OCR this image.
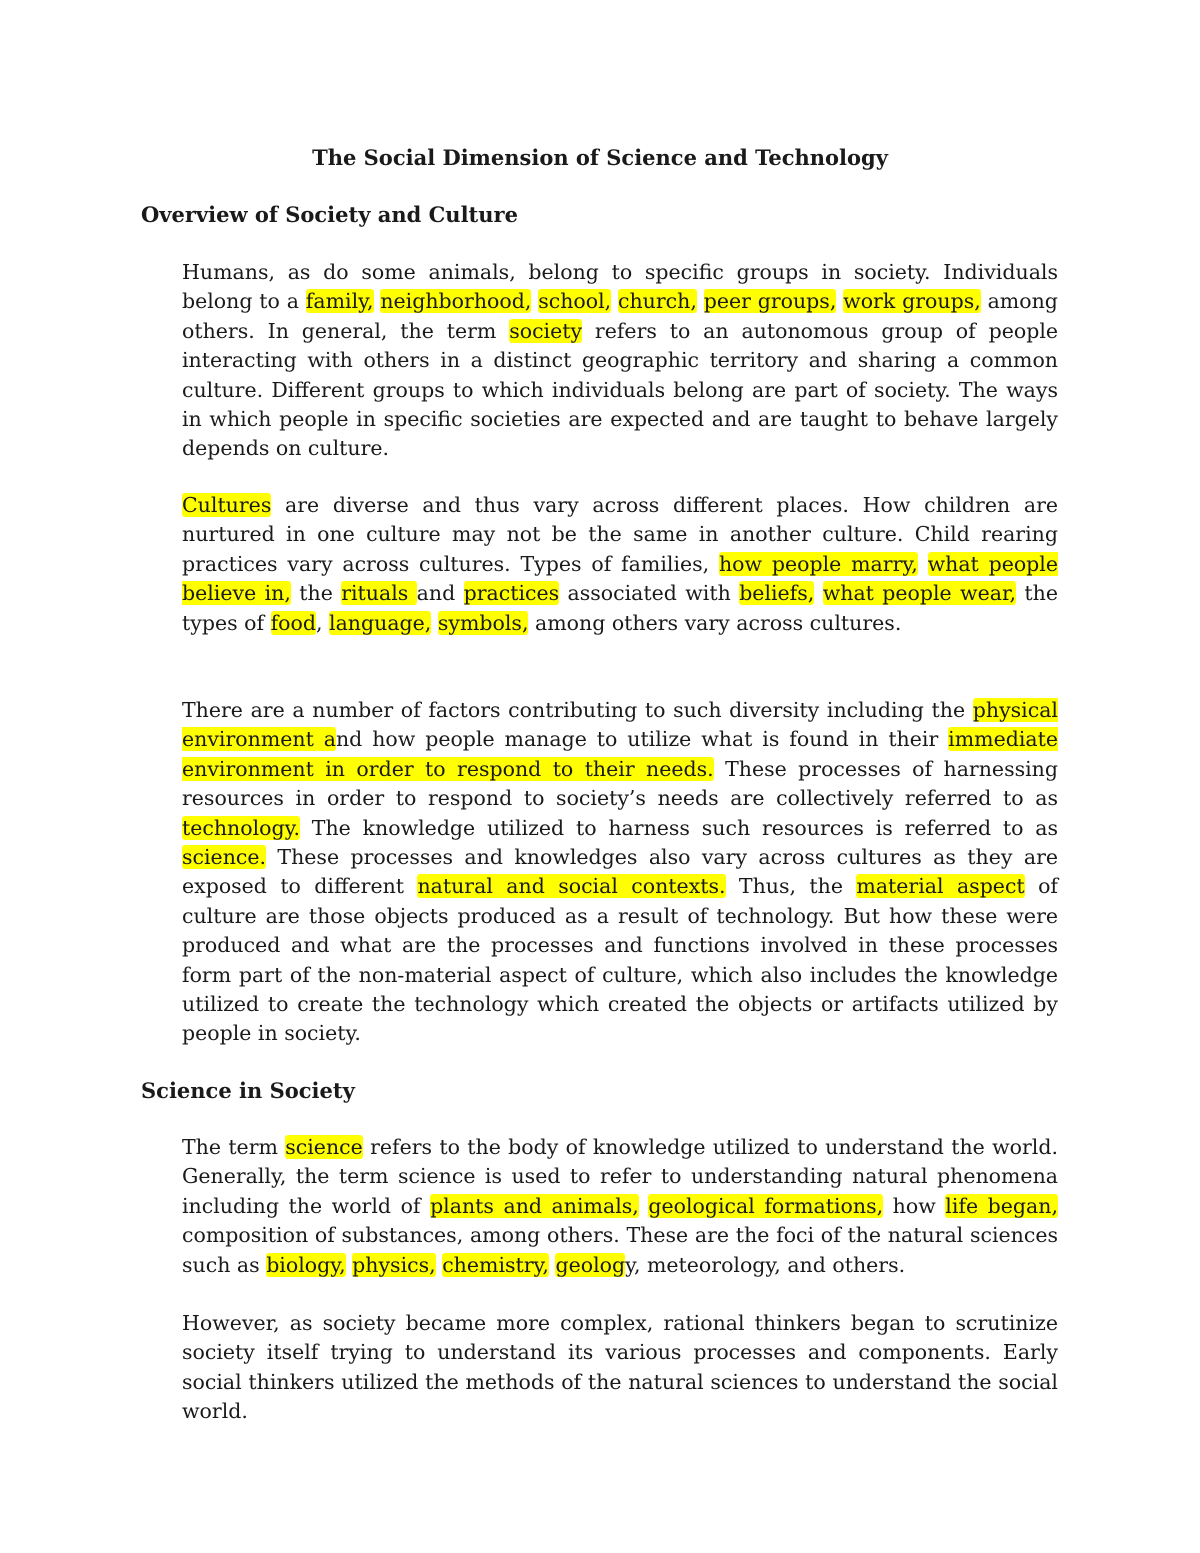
The Social Dimension of Science and Technology
Overview of Society and Culture
Humans, as do some animals, belong to specific groups in society. Individuals belong to a family, neighborhood, school, church, peer groups, work groups, among others. In general, the term society refers to an autonomous group of people interacting with others in a distinct geographic territory and sharing a common culture. Different groups to which individuals belong are part of society. The ways in which people in specific societies are expected and are taught to behave largely depends on culture.
Cultures are diverse and thus vary across different places. How children are nurtured in one culture may not be the same in another culture. Child rearing practices vary across cultures. Types of families, how people marry, what people believe in, the rituals and practices associated with beliefs, what people wear, the types of food, language, symbols, among others vary across cultures.
There are a number of factors contributing to such diversity including the physical environment and how people manage to utilize what is found in their immediate environment in order to respond to their needs. These processes of harnessing resources in order to respond to society’s needs are collectively referred to as technology. The knowledge utilized to harness such resources is referred to as science. These processes and knowledges also vary across cultures as they are exposed to different natural and social contexts. Thus, the material aspect of culture are those objects produced as a result of technology. But how these were produced and what are the processes and functions involved in these processes form part of the non-material aspect of culture, which also includes the knowledge utilized to create the technology which created the objects or artifacts utilized by people in society.
Science in Society
The term science refers to the body of knowledge utilized to understand the world. Generally, the term science is used to refer to understanding natural phenomena including the world of plants and animals, geological formations, how life began, composition of substances, among others. These are the foci of the natural sciences such as biology, physics, chemistry, geology, meteorology, and others.
However, as society became more complex, rational thinkers began to scrutinize society itself trying to understand its various processes and components. Early social thinkers utilized the methods of the natural sciences to understand the social world.
